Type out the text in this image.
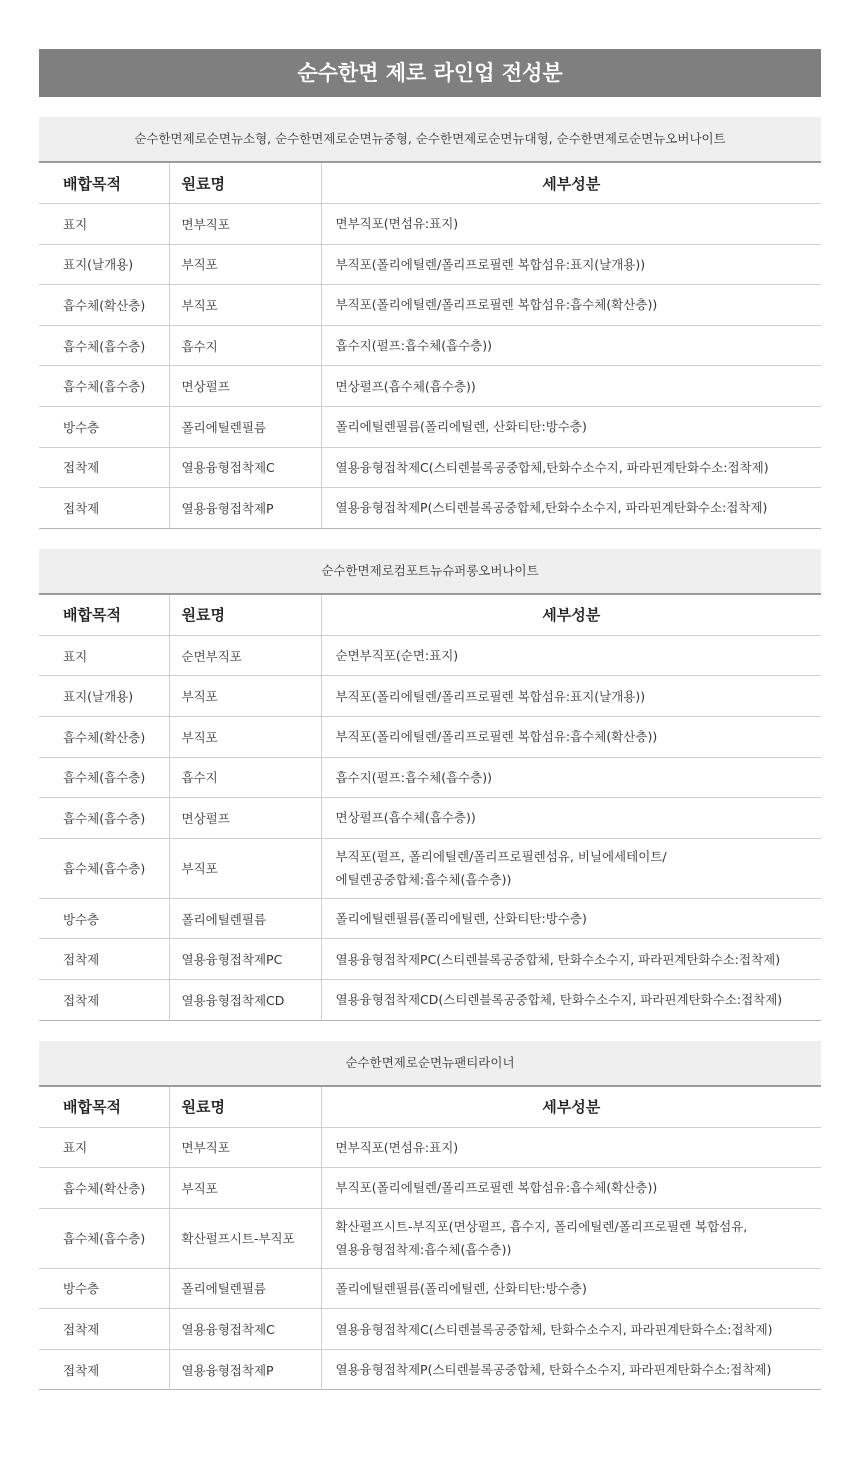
순수한면 제로 라인업 전성분
순수한면제로순면뉴소형, 순수한면제로순면뉴중형, 순수한면제로순면뉴대형, 순수한면제로순면뉴오버나이트
배합목적	원료명	세부성분
표지	면부직포	면부직포(면섬유:표지)

표지(날개용)	부직포	부직포(폴리에틸렌/폴리프로필렌 복합섬유:표지(날개용))

흡수체(확산층)	부직포	부직포(폴리에틸렌/폴리프로필렌 복합섬유:흡수체(확산층))

흡수체(흡수층)	흡수지	흡수지(펄프:흡수체(흡수층))

흡수체(흡수층)	면상펄프	면상펄프(흡수체(흡수층))

방수층	폴리에틸렌필름	폴리에틸렌필름(폴리에틸렌, 산화티탄:방수층)

접착제	열용융형접착제C	열용융형접착제C(스티렌블록공중합체,탄화수소수지, 파라핀계탄화수소:접착제)

접착제	열용융형접착제P	열용융형접착제P(스티렌블록공중합체,탄화수소수지, 파라핀계탄화수소:접착제)
순수한면제로컴포트뉴슈퍼롱오버나이트
배합목적	원료명	세부성분
표지	순면부직포	순면부직포(순면:표지)

표지(날개용)	부직포	부직포(폴리에틸렌/폴리프로필렌 복합섬유:표지(날개용))

흡수체(확산층)	부직포	부직포(폴리에틸렌/폴리프로필렌 복합섬유:흡수체(확산층))

흡수체(흡수층)	흡수지	흡수지(펄프:흡수체(흡수층))

흡수체(흡수층)	면상펄프	면상펄프(흡수체(흡수층))

흡수체(흡수층)	부직포	부직포(펄프, 폴리에틸렌/폴리프로필렌섬유, 비닐에세테이트/
에틸렌공중합체:흡수체(흡수층))

방수층	폴리에틸렌필름	폴리에틸렌필름(폴리에틸렌, 산화티탄:방수층)

접착제	열용융형접착제PC	열용융형접착제PC(스티렌블록공중합체, 탄화수소수지, 파라핀계탄화수소:접착제)

접착제	열용융형접착제CD	열용융형접착제CD(스티렌블록공중합체, 탄화수소수지, 파라핀계탄화수소:접착제)
순수한면제로순면뉴팬티라이너
배합목적	원료명	세부성분
표지	면부직포	면부직포(면섬유:표지)

흡수체(확산층)	부직포	부직포(폴리에틸렌/폴리프로필렌 복합섬유:흡수체(확산층))

흡수체(흡수층)	확산펄프시트-부직포	확산펄프시트-부직포(면상펄프, 흡수지, 폴리에틸렌/폴리프로필렌 복합섬유,
열용융형접착제:흡수체(흡수층))

방수층	폴리에틸렌필름	폴리에틸렌필름(폴리에틸렌, 산화티탄:방수층)

접착제	열용융형접착제C	열용융형접착제C(스티렌블록공중합체, 탄화수소수지, 파라핀계탄화수소:접착제)

접착제	열용융형접착제P	열용융형접착제P(스티렌블록공중합체, 탄화수소수지, 파라핀계탄화수소:접착제)
